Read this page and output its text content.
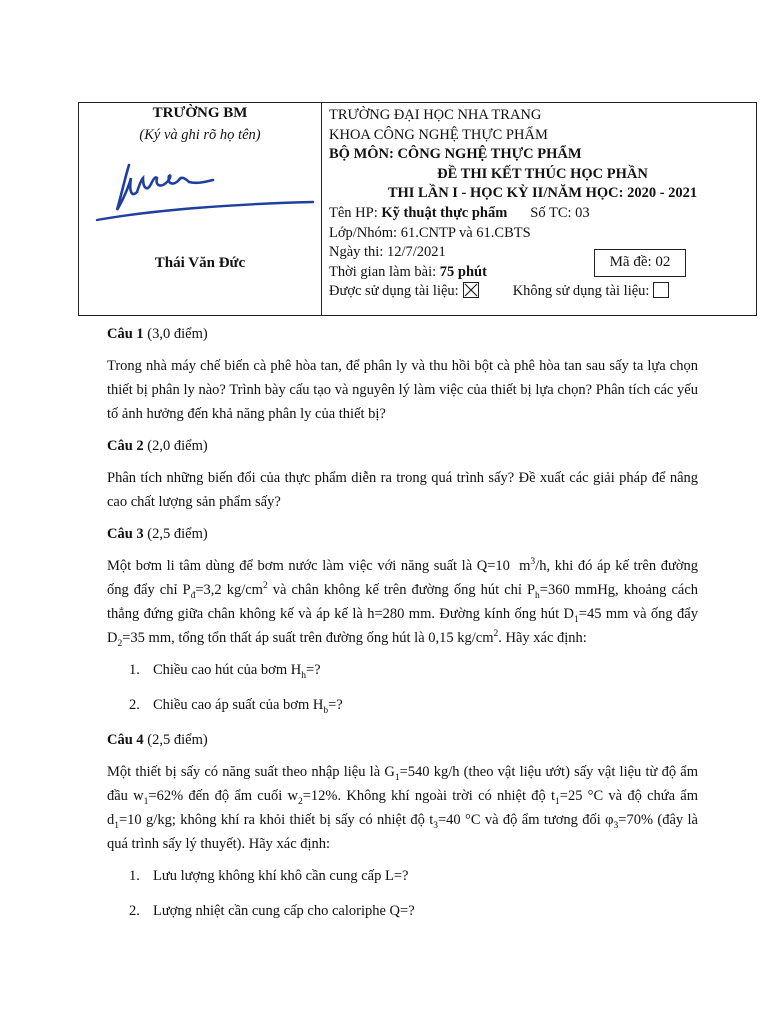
TRƯỜNG BM
(Ký và ghi rõ họ tên)
Thái Văn Đức
TRƯỜNG ĐẠI HỌC NHA TRANG
KHOA CÔNG NGHỆ THỰC PHẨM
BỘ MÔN: CÔNG NGHỆ THỰC PHẨM
ĐỀ THI KẾT THÚC HỌC PHẦN
THI LẦN I - HỌC KỲ II/NĂM HỌC: 2020 - 2021
Tên HP:
Kỹ thuật thực phẩm Số TC: 03
Lớp/Nhóm: 61.CNTP và 61.CBTS
Ngày thi: 12/7/2021
Thời gian làm bài:
75 phút
Được sử dụng tài liệu:	Không sử dụng tài liệu:
Mã đề: 02
Câu 1 (3,0 điểm)

Trong nhà máy chế biến cà phê hòa tan, để phân ly và thu hồi bột cà phê hòa tan sau sấy ta lựa chọn thiết bị phân ly nào? Trình bày cấu tạo và nguyên lý làm việc của thiết bị lựa chọn? Phân tích các yếu tố ảnh hưởng đến khả năng phân ly của thiết bị?

Câu 2 (2,0 điểm)

Phân tích những biến đổi của thực phẩm diễn ra trong quá trình sấy? Đề xuất các giải pháp để nâng cao chất lượng sản phẩm sấy?

Câu 3 (2,5 điểm)

Một bơm li tâm dùng để bơm nước làm việc với năng suất là Q=10  $m^3/h$, khi đó áp kế trên đường ống đẩy chỉ $P_đ=3,2$ $kg/cm^2$ và chân không kế trên đường ống hút chỉ $P_h=360$ mmHg, khoảng cách thẳng đứng giữa chân không kế và áp kế là h=280 mm. Đường kính ống hút $D_1=45$ mm và ống đẩy $D_2=35$ mm, tổng tổn thất áp suất trên đường ống hút là 0,15 $kg/cm^2$. Hãy xác định:

1. Chiều cao hút của bơm $H_h=$?
2. Chiều cao áp suất của bơm $H_b=$?
Câu 4 (2,5 điểm)

Một thiết bị sấy có năng suất theo nhập liệu là $G_1=540$ kg/h (theo vật liệu ướt) sấy vật liệu từ độ ẩm đầu $w_1=62\%$ đến độ ẩm cuối $w_2=12\%$. Không khí ngoài trời có nhiệt độ $t_1=25$ °C và độ chứa ẩm $d_1=10$ g/kg; không khí ra khỏi thiết bị sấy có nhiệt độ $t_3=40$ °C và độ ẩm tương đối $\varphi_3=70\%$ (đây là quá trình sấy lý thuyết). Hãy xác định:

1. Lưu lượng không khí khô cần cung cấp L=?
2. Lượng nhiệt cần cung cấp cho caloriphe Q=?
